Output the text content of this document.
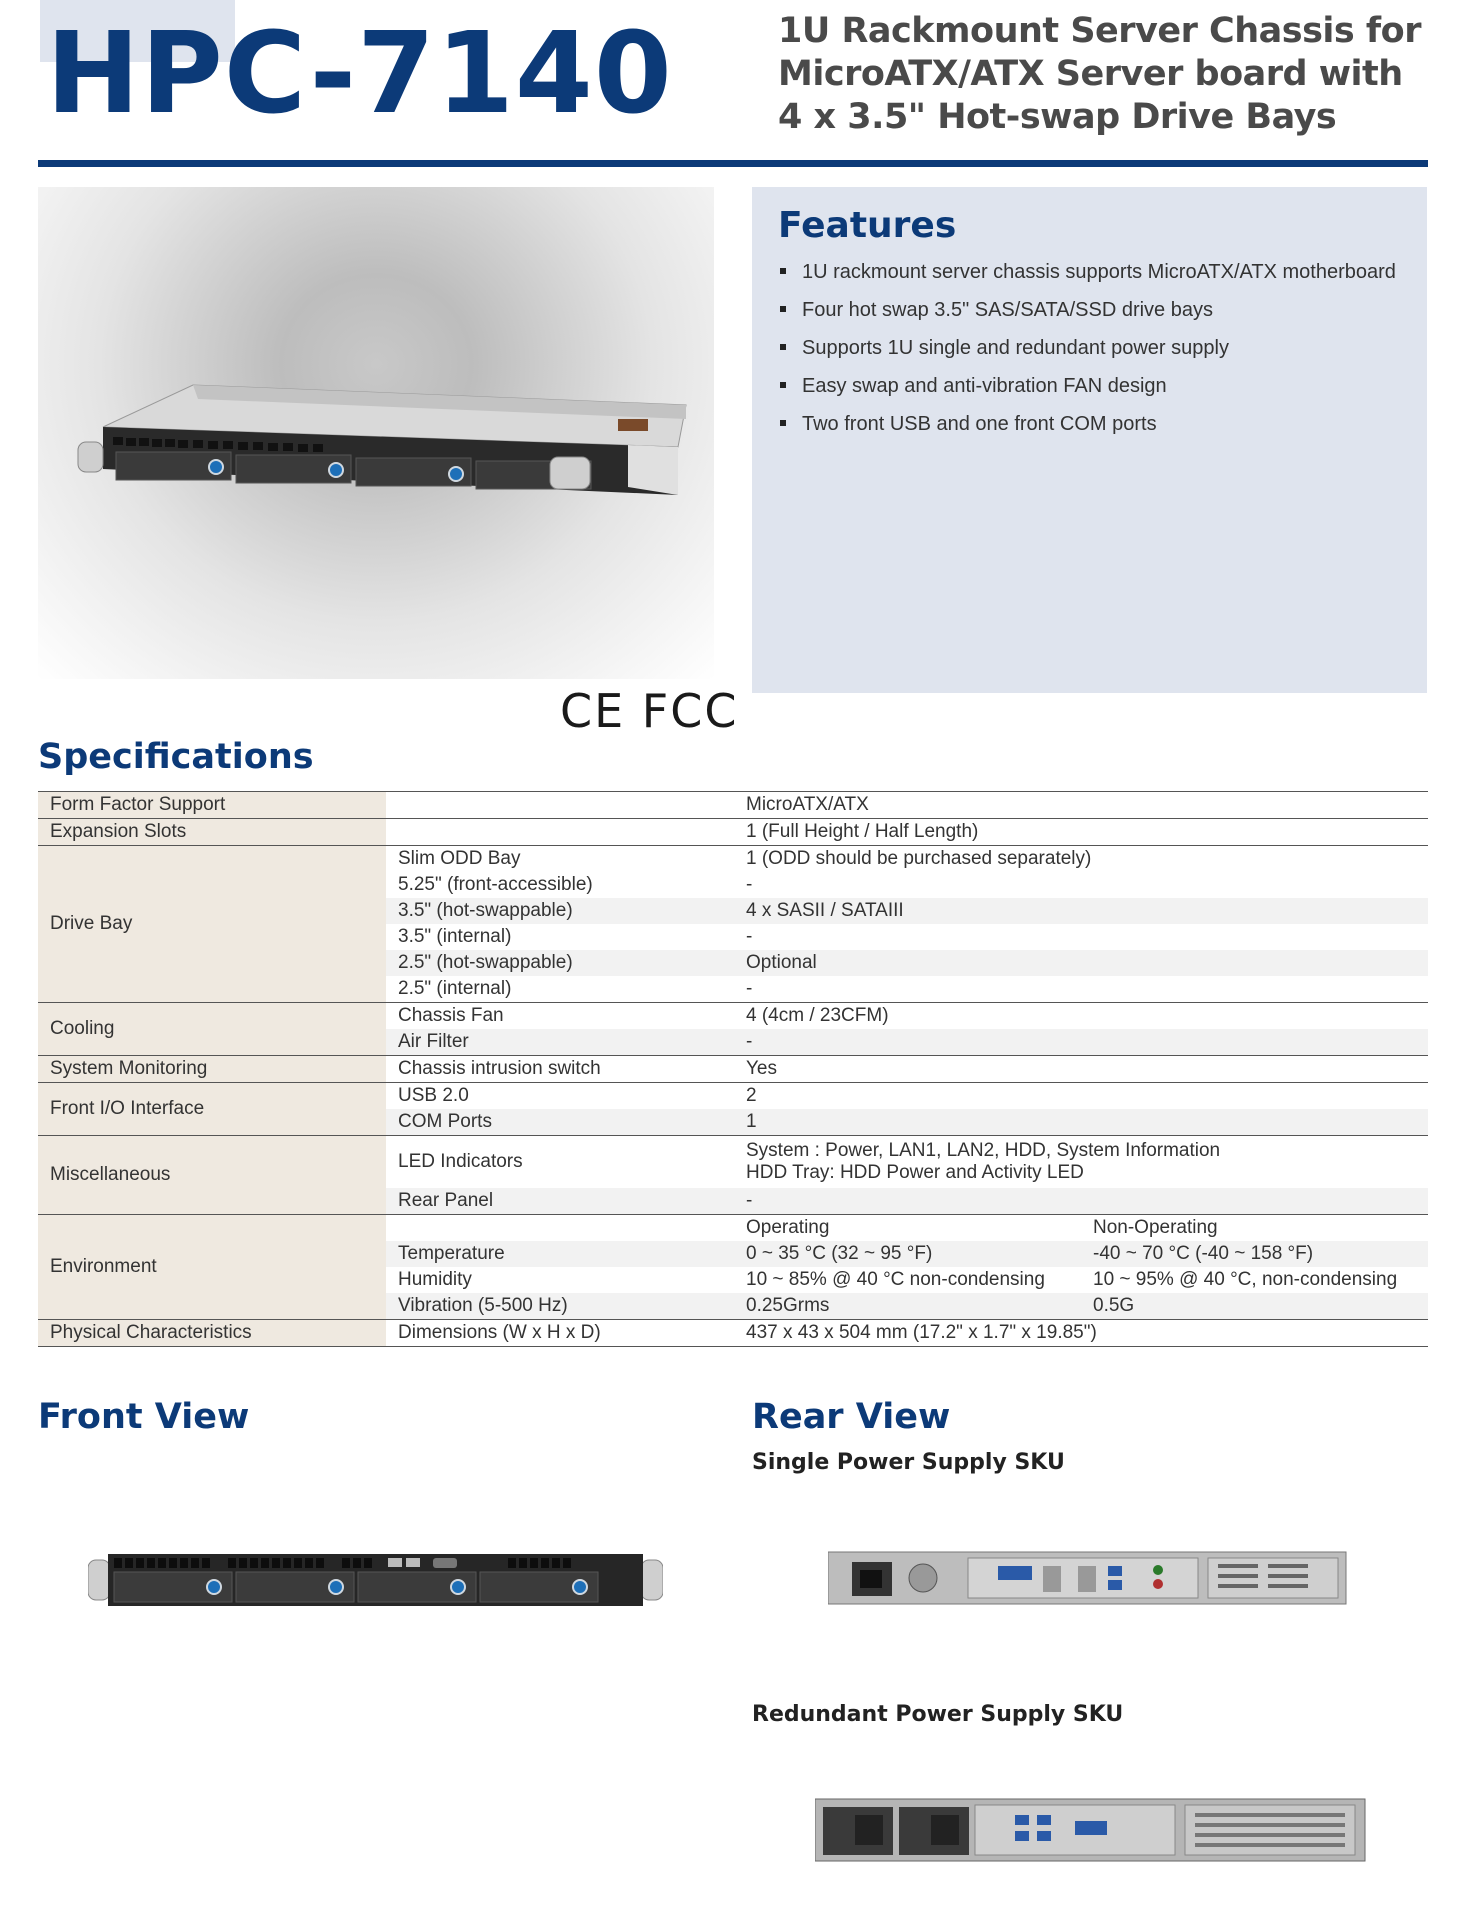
HPC-7140	1U Rackmount Server Chassis for
MicroATX/ATX Server board with
4 x 3.5" Hot-swap Drive Bays
Features
1U rackmount server chassis supports MicroATX/ATX motherboard
Four hot swap 3.5" SAS/SATA/SSD drive bays
Supports 1U single and redundant power supply
Easy swap and anti-vibration FAN design
Two front USB and one front COM ports
CE FCC
Specifications
Form Factor Support		MicroATX/ATX	
Expansion Slots		1 (Full Height / Half Length)	
Drive Bay	Slim ODD Bay	1 (ODD should be purchased separately)	
	5.25" (front-accessible)	-	
	3.5" (hot-swappable)	4 x SASII / SATAIII	
	3.5" (internal)	-	
	2.5" (hot-swappable)	Optional	
	2.5" (internal)	-	
Cooling	Chassis Fan	4 (4cm / 23CFM)	
	Air Filter	-	
System Monitoring	Chassis intrusion switch	Yes	
Front I/O Interface	USB 2.0	2	
	COM Ports	1	
Miscellaneous	LED Indicators	System : Power, LAN1, LAN2, HDD, System Information
HDD Tray: HDD Power and Activity LED	

	Rear Panel	-	
Environment		Operating	Non-Operating
	Temperature	0 ~ 35 °C (32 ~ 95 °F)	-40 ~ 70 °C (-40 ~ 158 °F)
	Humidity	10 ~ 85% @ 40 °C non-condensing	10 ~ 95% @ 40 °C, non-condensing
	Vibration (5-500 Hz)	0.25Grms	0.5G
Physical Characteristics	Dimensions (W x H x D)	437 x 43 x 504 mm (17.2" x 1.7" x 19.85")	
Front View	Rear View
Single Power Supply SKU
Redundant Power Supply SKU
